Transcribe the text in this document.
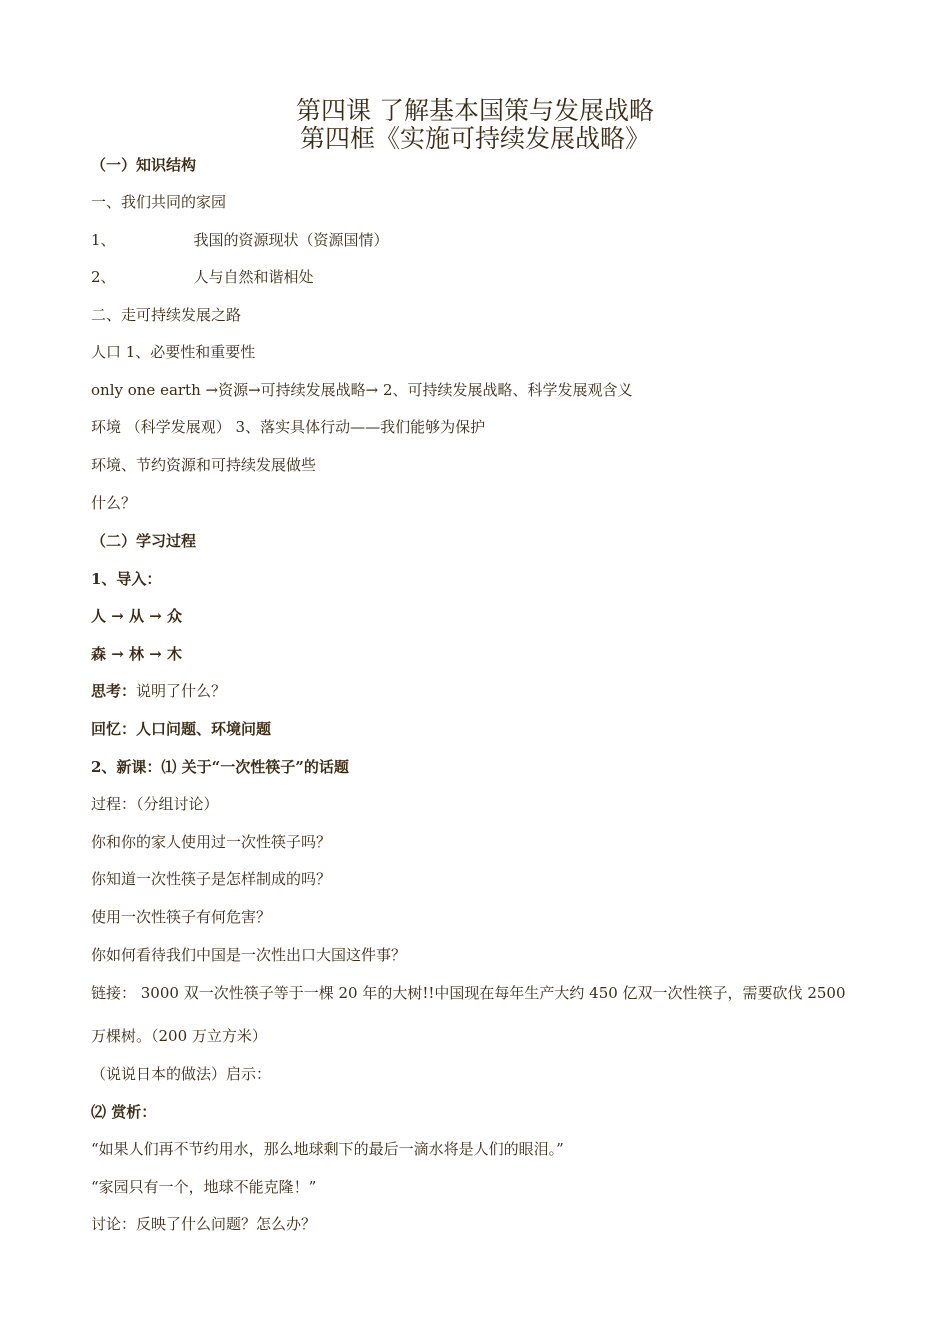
第四课 了解基本国策与发展战略
第四框《实施可持续发展战略》
（一）知识结构
一、我们共同的家园
1、	我国的资源现状（资源国情）
2、	人与自然和谐相处
二、走可持续发展之路
人口 1、必要性和重要性
only one earth →资源→可持续发展战略→ 2、可持续发展战略、科学发展观含义
环境 （科学发展观） 3、落实具体行动——我们能够为保护
环境、节约资源和可持续发展做些
什么？
（二）学习过程
1、导入：
人 → 从 → 众
森 → 林 → 木
思考：说明了什么？
回忆：人口问题、环境问题
2、新课：⑴ 关于“一次性筷子”的话题
过程：（分组讨论）
你和你的家人使用过一次性筷子吗？
你知道一次性筷子是怎样制成的吗？
使用一次性筷子有何危害？
你如何看待我们中国是一次性出口大国这件事？
链接： 3000 双一次性筷子等于一棵 20 年的大树!!中国现在每年生产大约 450 亿双一次性筷子，需要砍伐 2500
万棵树。（200 万立方米）
（说说日本的做法）启示：
⑵ 赏析：
“如果人们再不节约用水，那么地球剩下的最后一滴水将是人们的眼泪。”
“家园只有一个，地球不能克隆！”
讨论：反映了什么问题？怎么办？
